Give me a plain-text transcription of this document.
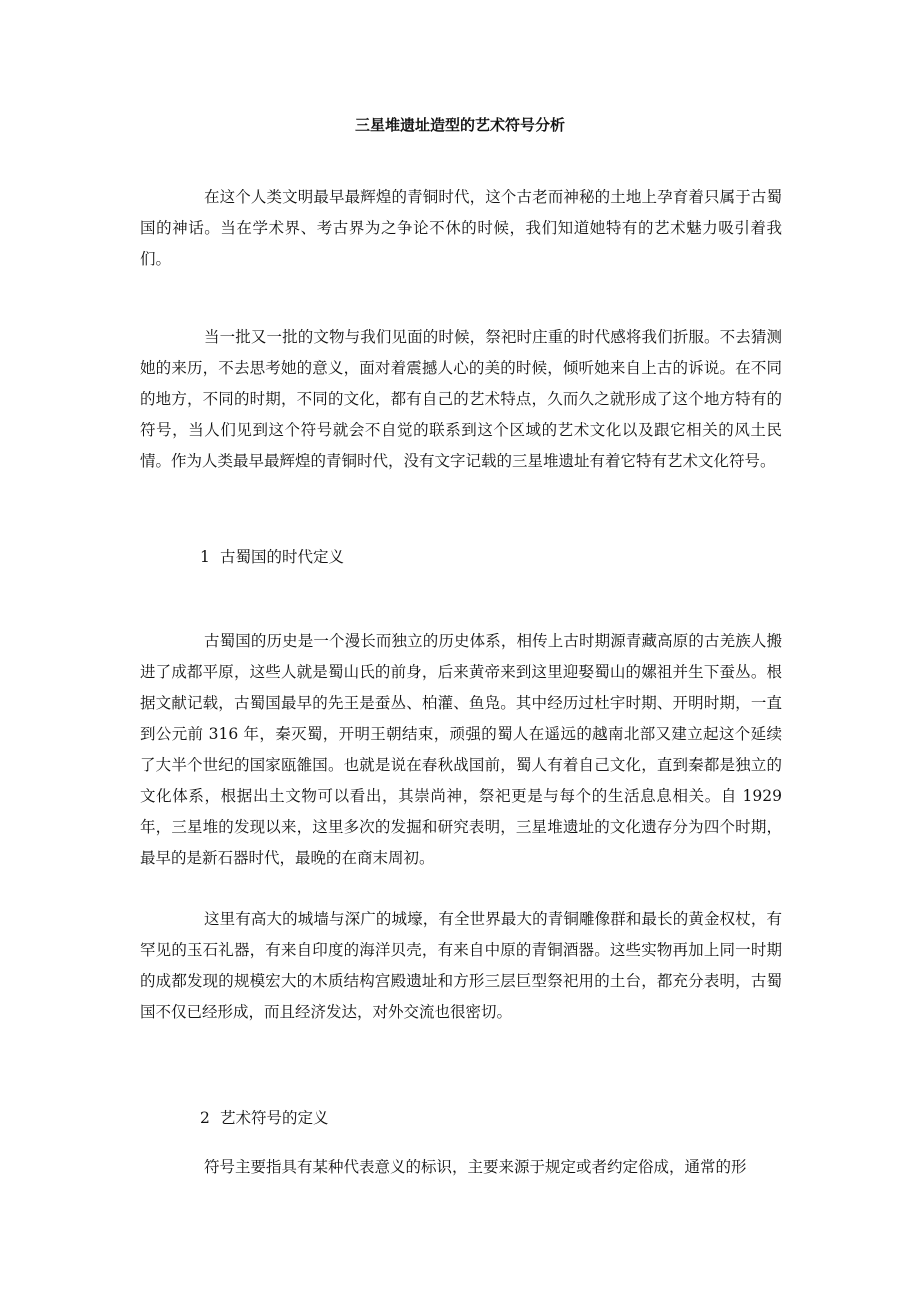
三星堆遗址造型的艺术符号分析

在这个人类文明最早最辉煌的青铜时代，这个古老而神秘的土地上孕育着只属于古蜀国的神话。当在学术界、考古界为之争论不休的时候，我们知道她特有的艺术魅力吸引着我们。

当一批又一批的文物与我们见面的时候，祭祀时庄重的时代感将我们折服。不去猜测她的来历，不去思考她的意义，面对着震撼人心的美的时候，倾听她来自上古的诉说。在不同的地方，不同的时期，不同的文化，都有自己的艺术特点，久而久之就形成了这个地方特有的符号，当人们见到这个符号就会不自觉的联系到这个区域的艺术文化以及跟它相关的风土民情。作为人类最早最辉煌的青铜时代，没有文字记载的三星堆遗址有着它特有艺术文化符号。

1 古蜀国的时代定义

古蜀国的历史是一个漫长而独立的历史体系，相传上古时期源青藏高原的古羌族人搬进了成都平原，这些人就是蜀山氏的前身，后来黄帝来到这里迎娶蜀山的嫘祖并生下蚕丛。根据文献记载，古蜀国最早的先王是蚕丛、柏灌、鱼凫。其中经历过杜宇时期、开明时期，一直到公元前 316 年，秦灭蜀，开明王朝结束，顽强的蜀人在遥远的越南北部又建立起这个延续了大半个世纪的国家瓯雒国。也就是说在春秋战国前，蜀人有着自己文化，直到秦都是独立的文化体系，根据出土文物可以看出，其崇尚神，祭祀更是与每个的生活息息相关。自 1929 年，三星堆的发现以来，这里多次的发掘和研究表明，三星堆遗址的文化遗存分为四个时期，最早的是新石器时代，最晚的在商末周初。

这里有高大的城墙与深广的城壕，有全世界最大的青铜雕像群和最长的黄金权杖，有罕见的玉石礼器，有来自印度的海洋贝壳，有来自中原的青铜酒器。这些实物再加上同一时期的成都发现的规模宏大的木质结构宫殿遗址和方形三层巨型祭祀用的土台，都充分表明，古蜀国不仅已经形成，而且经济发达，对外交流也很密切。

2 艺术符号的定义

符号主要指具有某种代表意义的标识，主要来源于规定或者约定俗成，通常的形
